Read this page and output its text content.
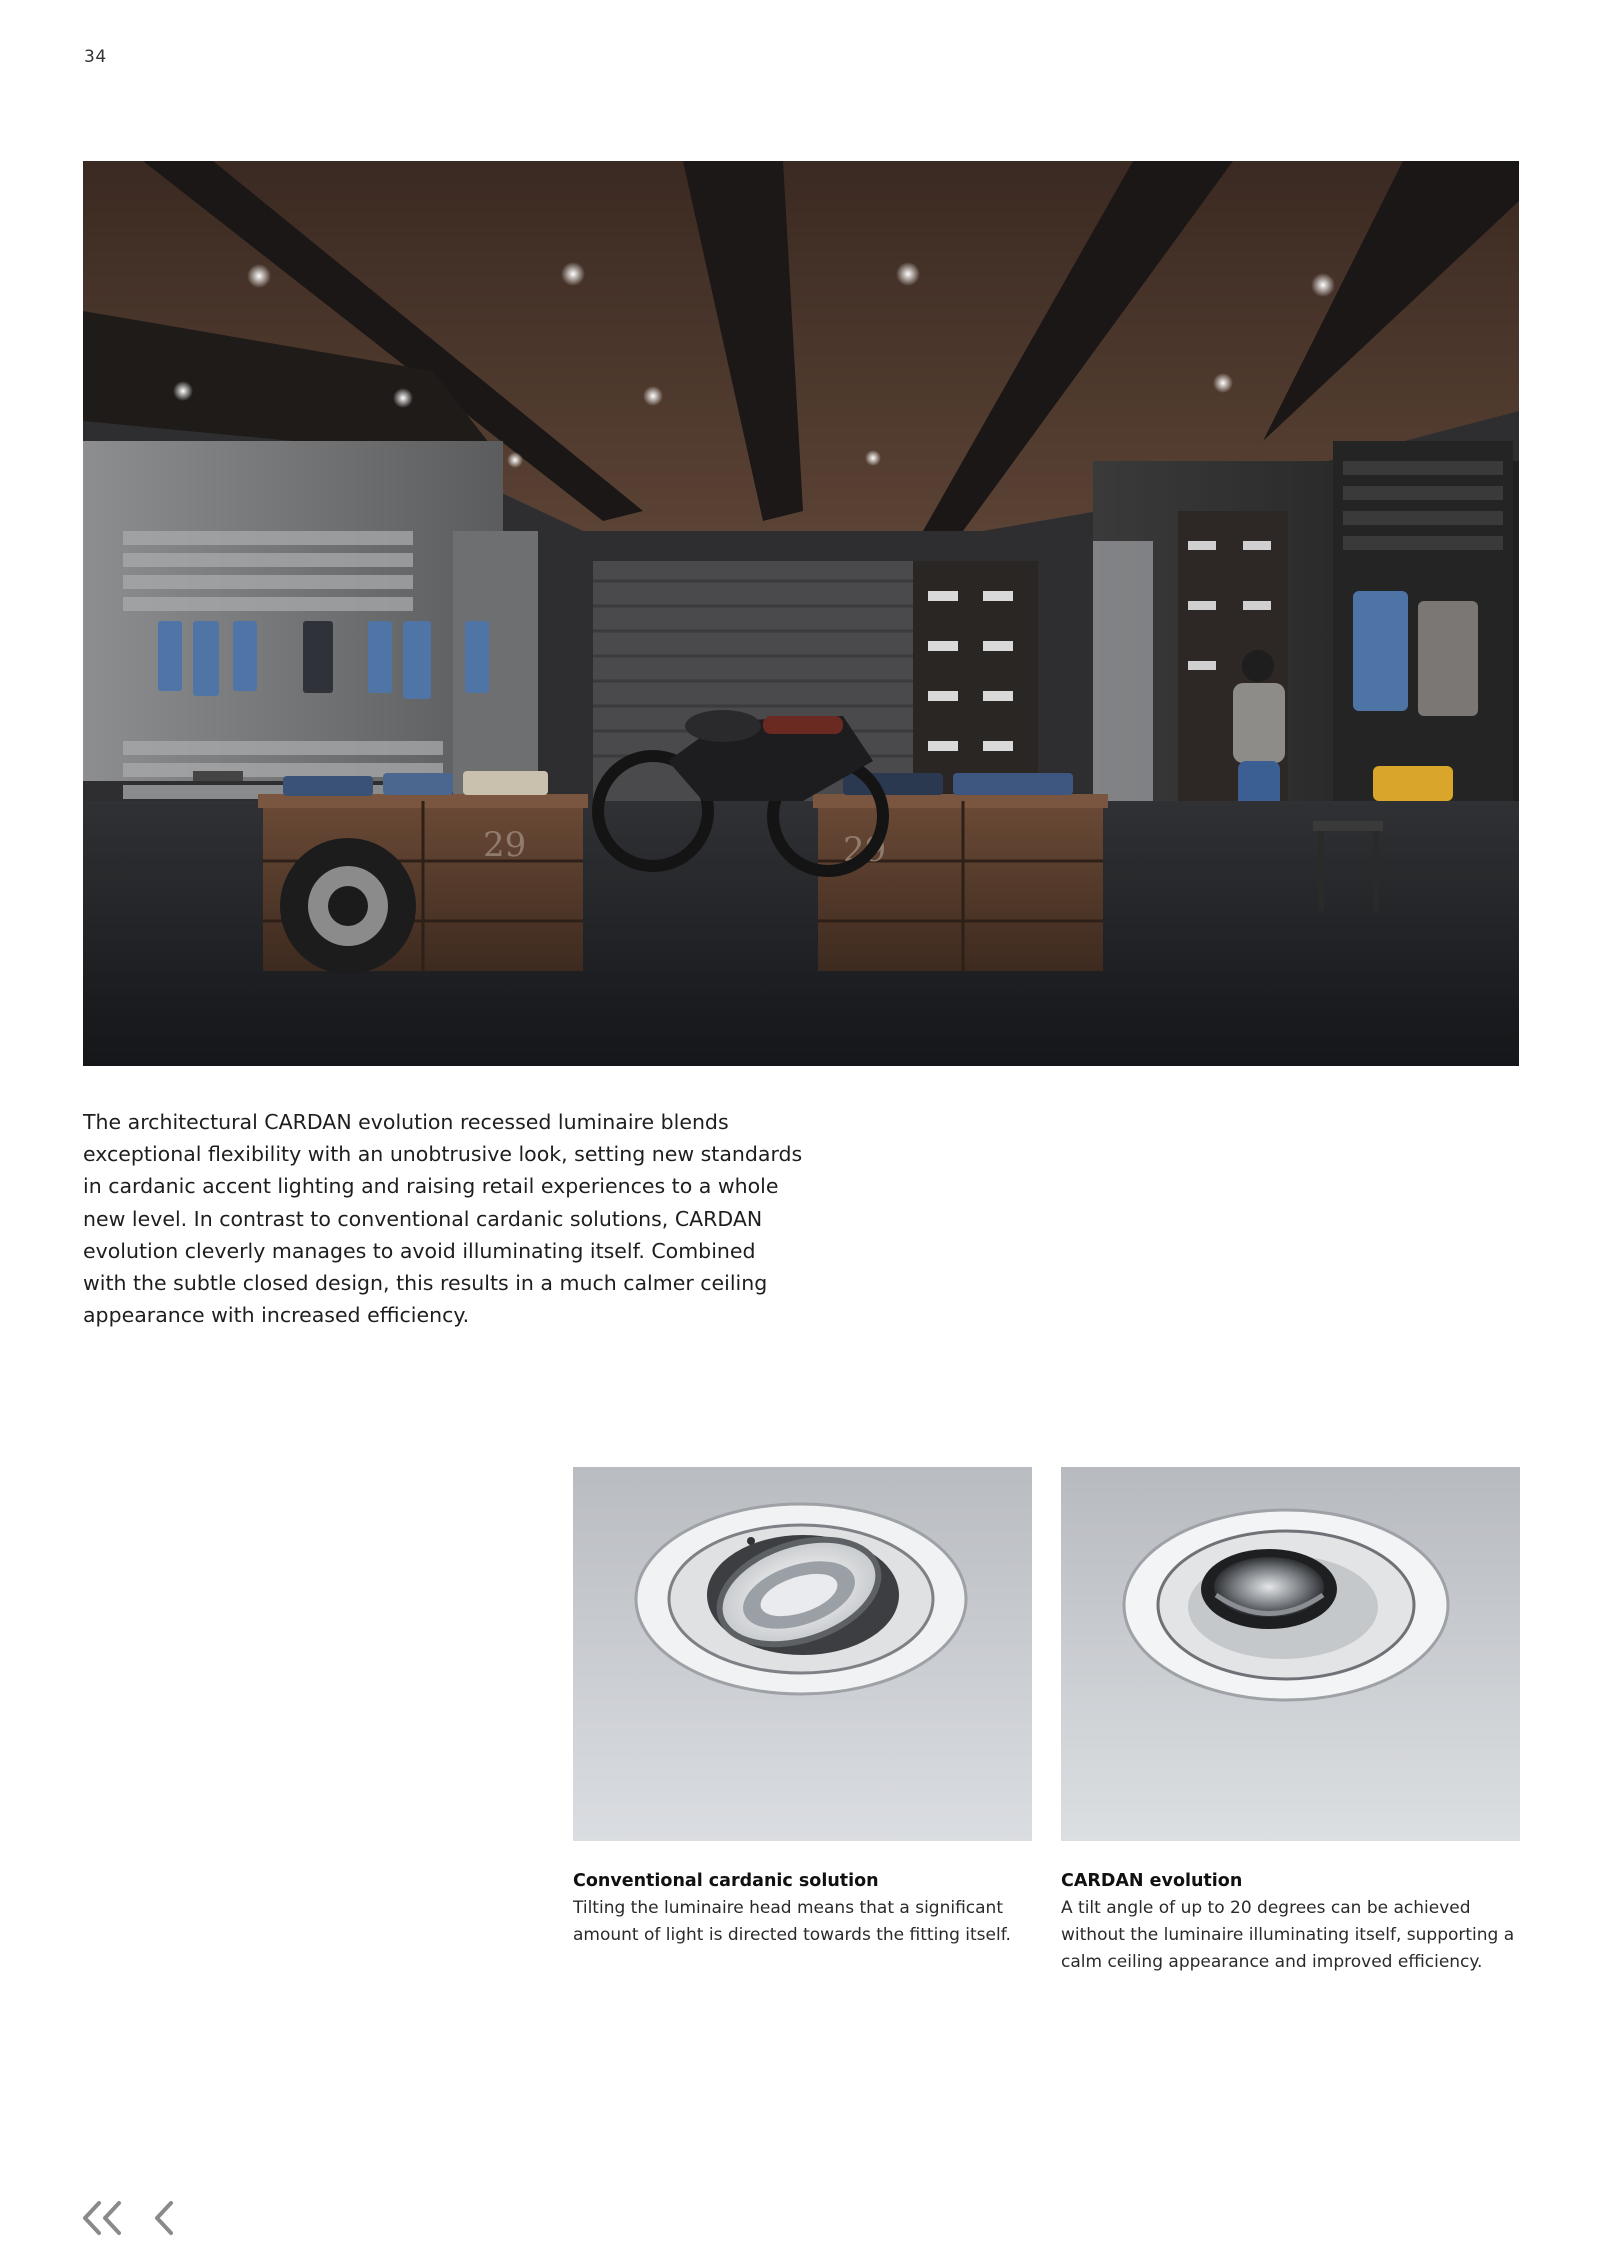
34
29	29

The architectural CARDAN evolution recessed luminaire blends exceptional flexibility with an unobtrusive look, setting new standards in cardanic accent lighting and raising retail experiences to a whole new level. In contrast to conventional cardanic solutions, CARDAN evolution cleverly manages to avoid illuminating itself. Combined with the subtle closed design, this results in a much calmer ceiling appearance with increased efficiency.

Conventional cardanic solution
Tilting the luminaire head means that a significant amount of light is directed towards the fitting itself.
CARDAN evolution
A tilt angle of up to 20 degrees can be achieved without the luminaire illuminating itself, supporting a calm ceiling appearance and improved efficiency.
